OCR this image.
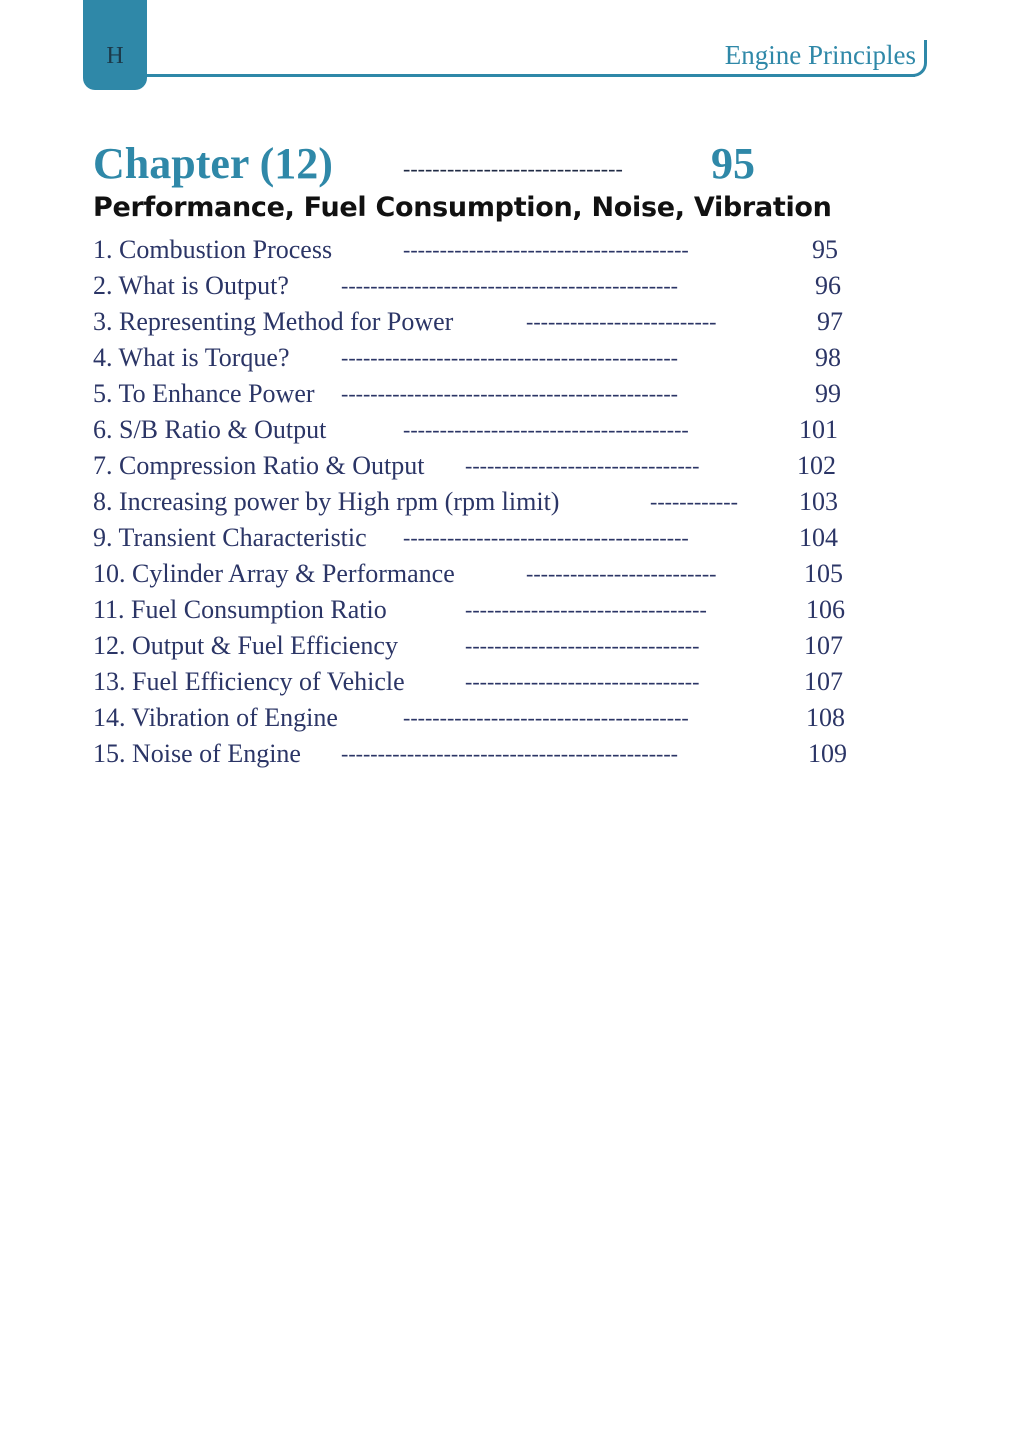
H	Engine Principles
Chapter (12)	------------------------------ 95
Performance, Fuel Consumption, Noise, Vibration
1. Combustion Process	---------------------------------------	95
2. What is Output? ----------------------------------------------	96
3. Representing Method for Power	--------------------------	97
4. What is Torque? ----------------------------------------------	98
5. To Enhance Power ----------------------------------------------	99
6. S/B Ratio & Output	---------------------------------------	101
7. Compression Ratio & Output --------------------------------	102
8. Increasing power by High rpm (rpm limit)	------------	103
9. Transient Characteristic ---------------------------------------	104
10. Cylinder Array & Performance	--------------------------	105
11. Fuel Consumption Ratio	---------------------------------	106
12. Output & Fuel Efficiency	--------------------------------	107
13. Fuel Efficiency of Vehicle	--------------------------------	107
14. Vibration of Engine	---------------------------------------	108
15. Noise of Engine ----------------------------------------------	109
